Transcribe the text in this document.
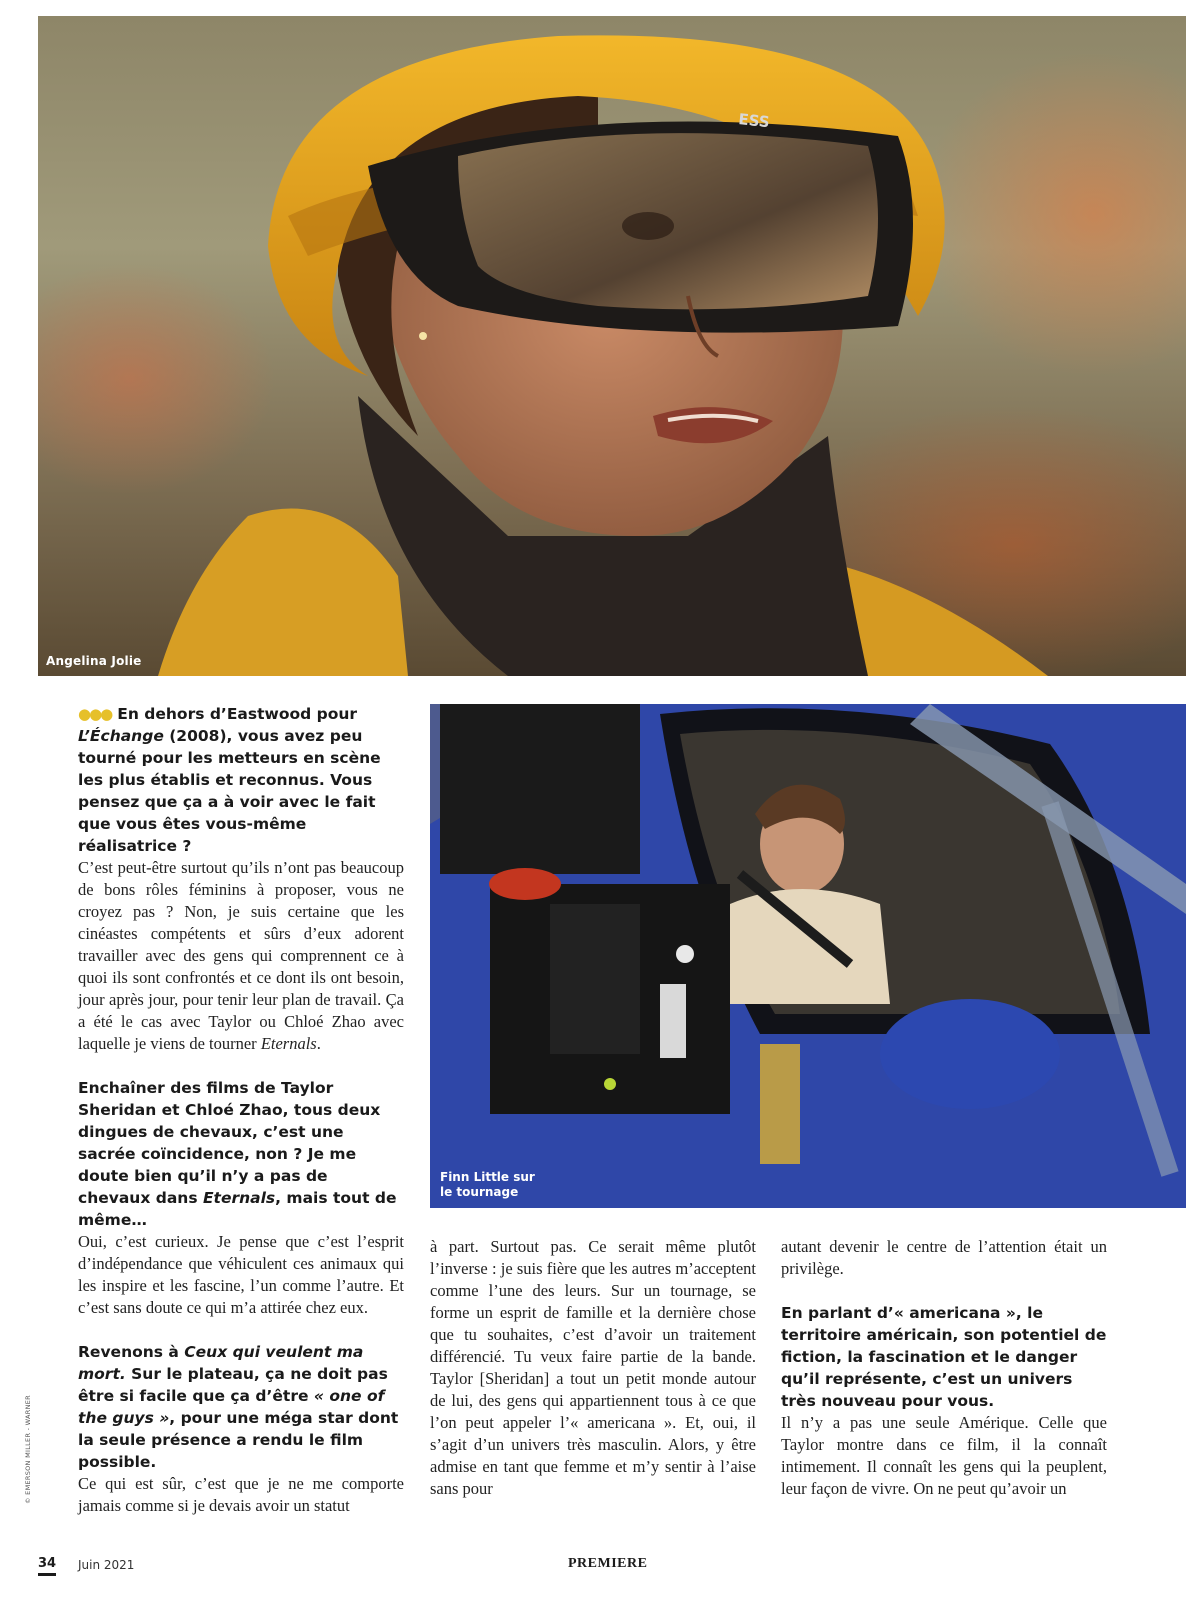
ESS
Angelina Jolie
Finn Little sur
le tournage

●●● En dehors d’Eastwood pour
L’Échange (2008), vous avez peu tourné pour les metteurs en scène les plus établis et reconnus. Vous pensez que ça a à voir avec le fait que vous êtes vous-même réalisatrice ?

C’est peut-être surtout qu’ils n’ont pas beaucoup de bons rôles féminins à proposer, vous ne croyez pas ? Non, je suis certaine que les cinéastes compétents et sûrs d’eux adorent travailler avec des gens qui comprennent ce à quoi ils sont confrontés et ce dont ils ont besoin, jour après jour, pour tenir leur plan de travail. Ça a été le cas avec Taylor ou Chloé Zhao avec laquelle je viens de tourner Eternals.

Enchaîner des films de Taylor Sheridan et Chloé Zhao, tous deux dingues de chevaux, c’est une sacrée coïncidence, non ? Je me doute bien qu’il n’y a pas de chevaux dans Eternals, mais tout de même…

Oui, c’est curieux. Je pense que c’est l’esprit d’indépendance que véhiculent ces animaux qui les inspire et les fascine, l’un comme l’autre. Et c’est sans doute ce qui m’a attirée chez eux.

Revenons à Ceux qui veulent ma mort. Sur le plateau, ça ne doit pas être si facile que ça d’être « one of the guys », pour une méga star dont la seule présence a rendu le film possible.

Ce qui est sûr, c’est que je ne me comporte jamais comme si je devais avoir un statut

à part. Surtout pas. Ce serait même plutôt l’inverse : je suis fière que les autres m’acceptent comme l’une des leurs. Sur un tournage, se forme un esprit de famille et la dernière chose que tu souhaites, c’est d’avoir un traitement différencié. Tu veux faire partie de la bande. Taylor [Sheridan] a tout un petit monde autour de lui, des gens qui appartiennent tous à ce que l’on peut appeler l’« americana ». Et, oui, il s’agit d’un univers très masculin. Alors, y être admise en tant que femme et m’y sentir à l’aise sans pour

autant devenir le centre de l’attention était un privilège.

En parlant d’« americana », le territoire américain, son potentiel de fiction, la fascination et le danger qu’il représente, c’est un univers très nouveau pour vous.

Il n’y a pas une seule Amérique. Celle que Taylor montre dans ce film, il la connaît intimement. Il connaît les gens qui la peuplent, leur façon de vivre. On ne peut qu’avoir un

© EMERSON MILLER - WARNER
34 Juin 2021	PREMIERE
